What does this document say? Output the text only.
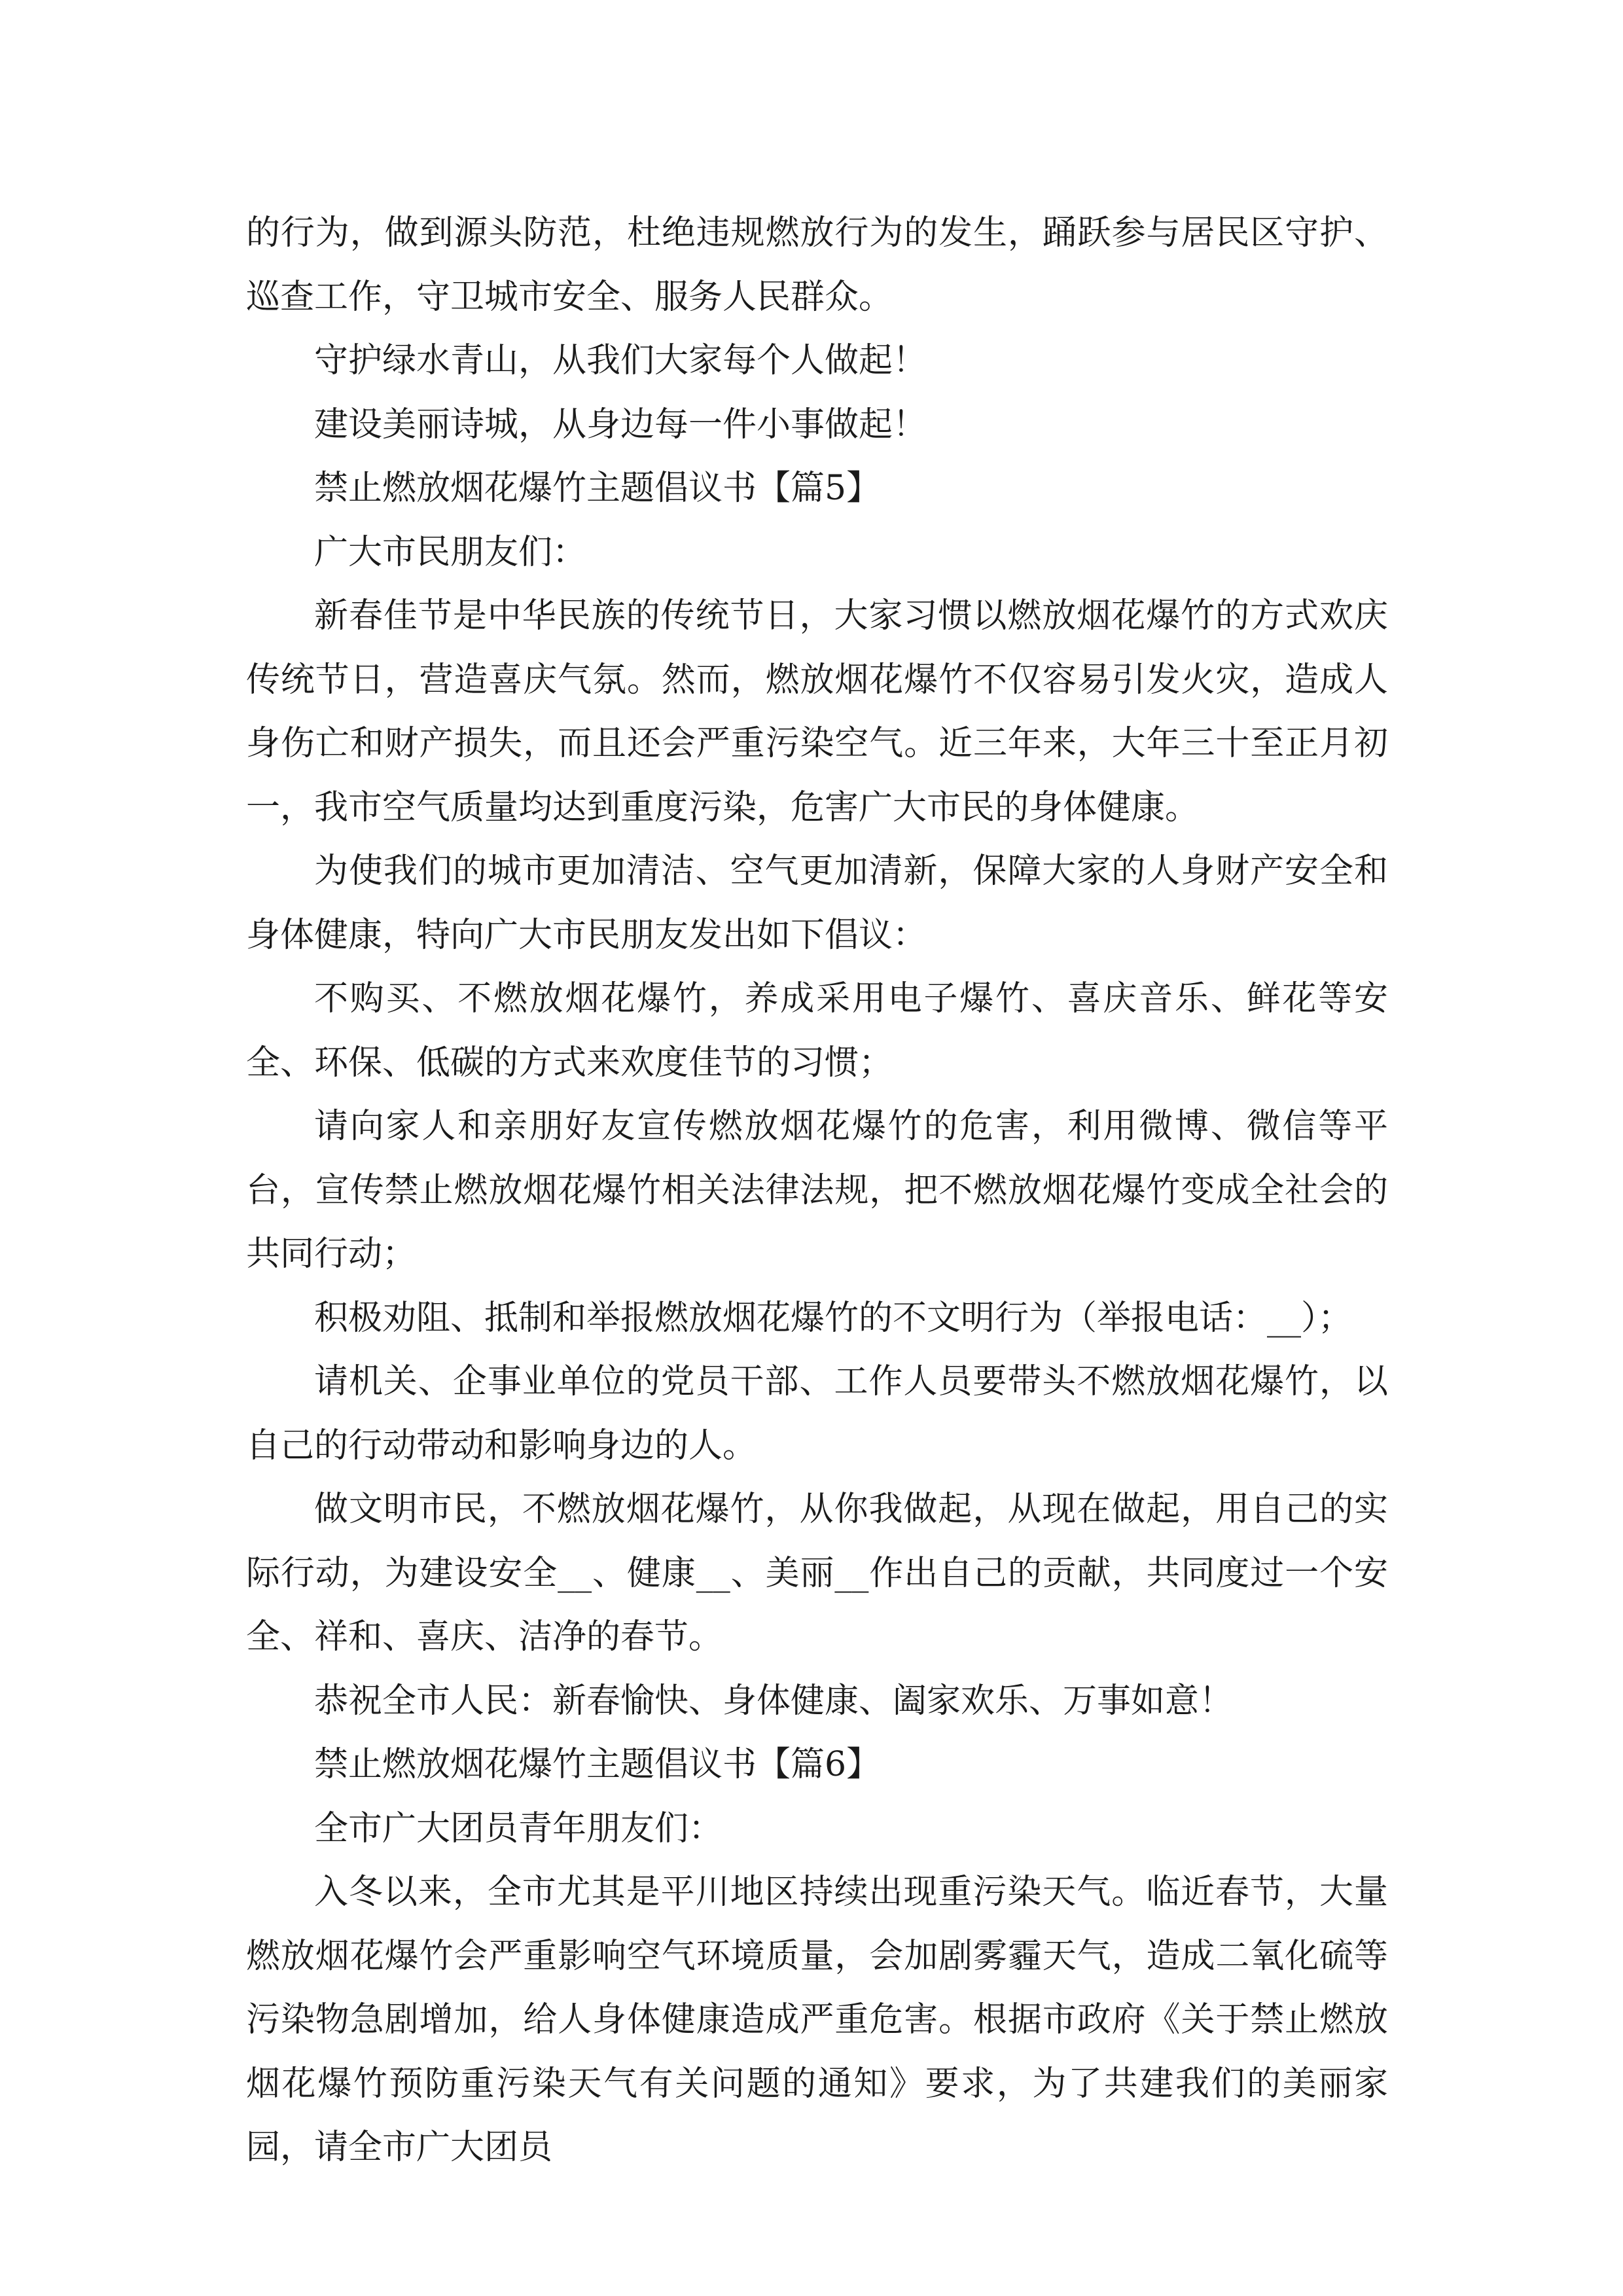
的行为，做到源头防范，杜绝违规燃放行为的发生，踊跃参与居民区守护、巡查工作，守卫城市安全、服务人民群众。

守护绿水青山，从我们大家每个人做起！

建设美丽诗城，从身边每一件小事做起！

禁止燃放烟花爆竹主题倡议书【篇5】

广大市民朋友们：

新春佳节是中华民族的传统节日，大家习惯以燃放烟花爆竹的方式欢庆传统节日，营造喜庆气氛。然而，燃放烟花爆竹不仅容易引发火灾，造成人身伤亡和财产损失，而且还会严重污染空气。近三年来，大年三十至正月初一，我市空气质量均达到重度污染，危害广大市民的身体健康。

为使我们的城市更加清洁、空气更加清新，保障大家的人身财产安全和身体健康，特向广大市民朋友发出如下倡议：

不购买、不燃放烟花爆竹，养成采用电子爆竹、喜庆音乐、鲜花等安全、环保、低碳的方式来欢度佳节的习惯；

请向家人和亲朋好友宣传燃放烟花爆竹的危害，利用微博、微信等平台，宣传禁止燃放烟花爆竹相关法律法规，把不燃放烟花爆竹变成全社会的共同行动；

积极劝阻、抵制和举报燃放烟花爆竹的不文明行为（举报电话：__）；

请机关、企事业单位的党员干部、工作人员要带头不燃放烟花爆竹，以自己的行动带动和影响身边的人。

做文明市民，不燃放烟花爆竹，从你我做起，从现在做起，用自己的实际行动，为建设安全__、健康__、美丽__作出自己的贡献，共同度过一个安全、祥和、喜庆、洁净的春节。

恭祝全市人民：新春愉快、身体健康、阖家欢乐、万事如意！

禁止燃放烟花爆竹主题倡议书【篇6】

全市广大团员青年朋友们：

入冬以来，全市尤其是平川地区持续出现重污染天气。临近春节，大量燃放烟花爆竹会严重影响空气环境质量，会加剧雾霾天气，造成二氧化硫等污染物急剧增加，给人身体健康造成严重危害。根据市政府《关于禁止燃放烟花爆竹预防重污染天气有关问题的通知》要求，为了共建我们的美丽家园，请全市广大团员
